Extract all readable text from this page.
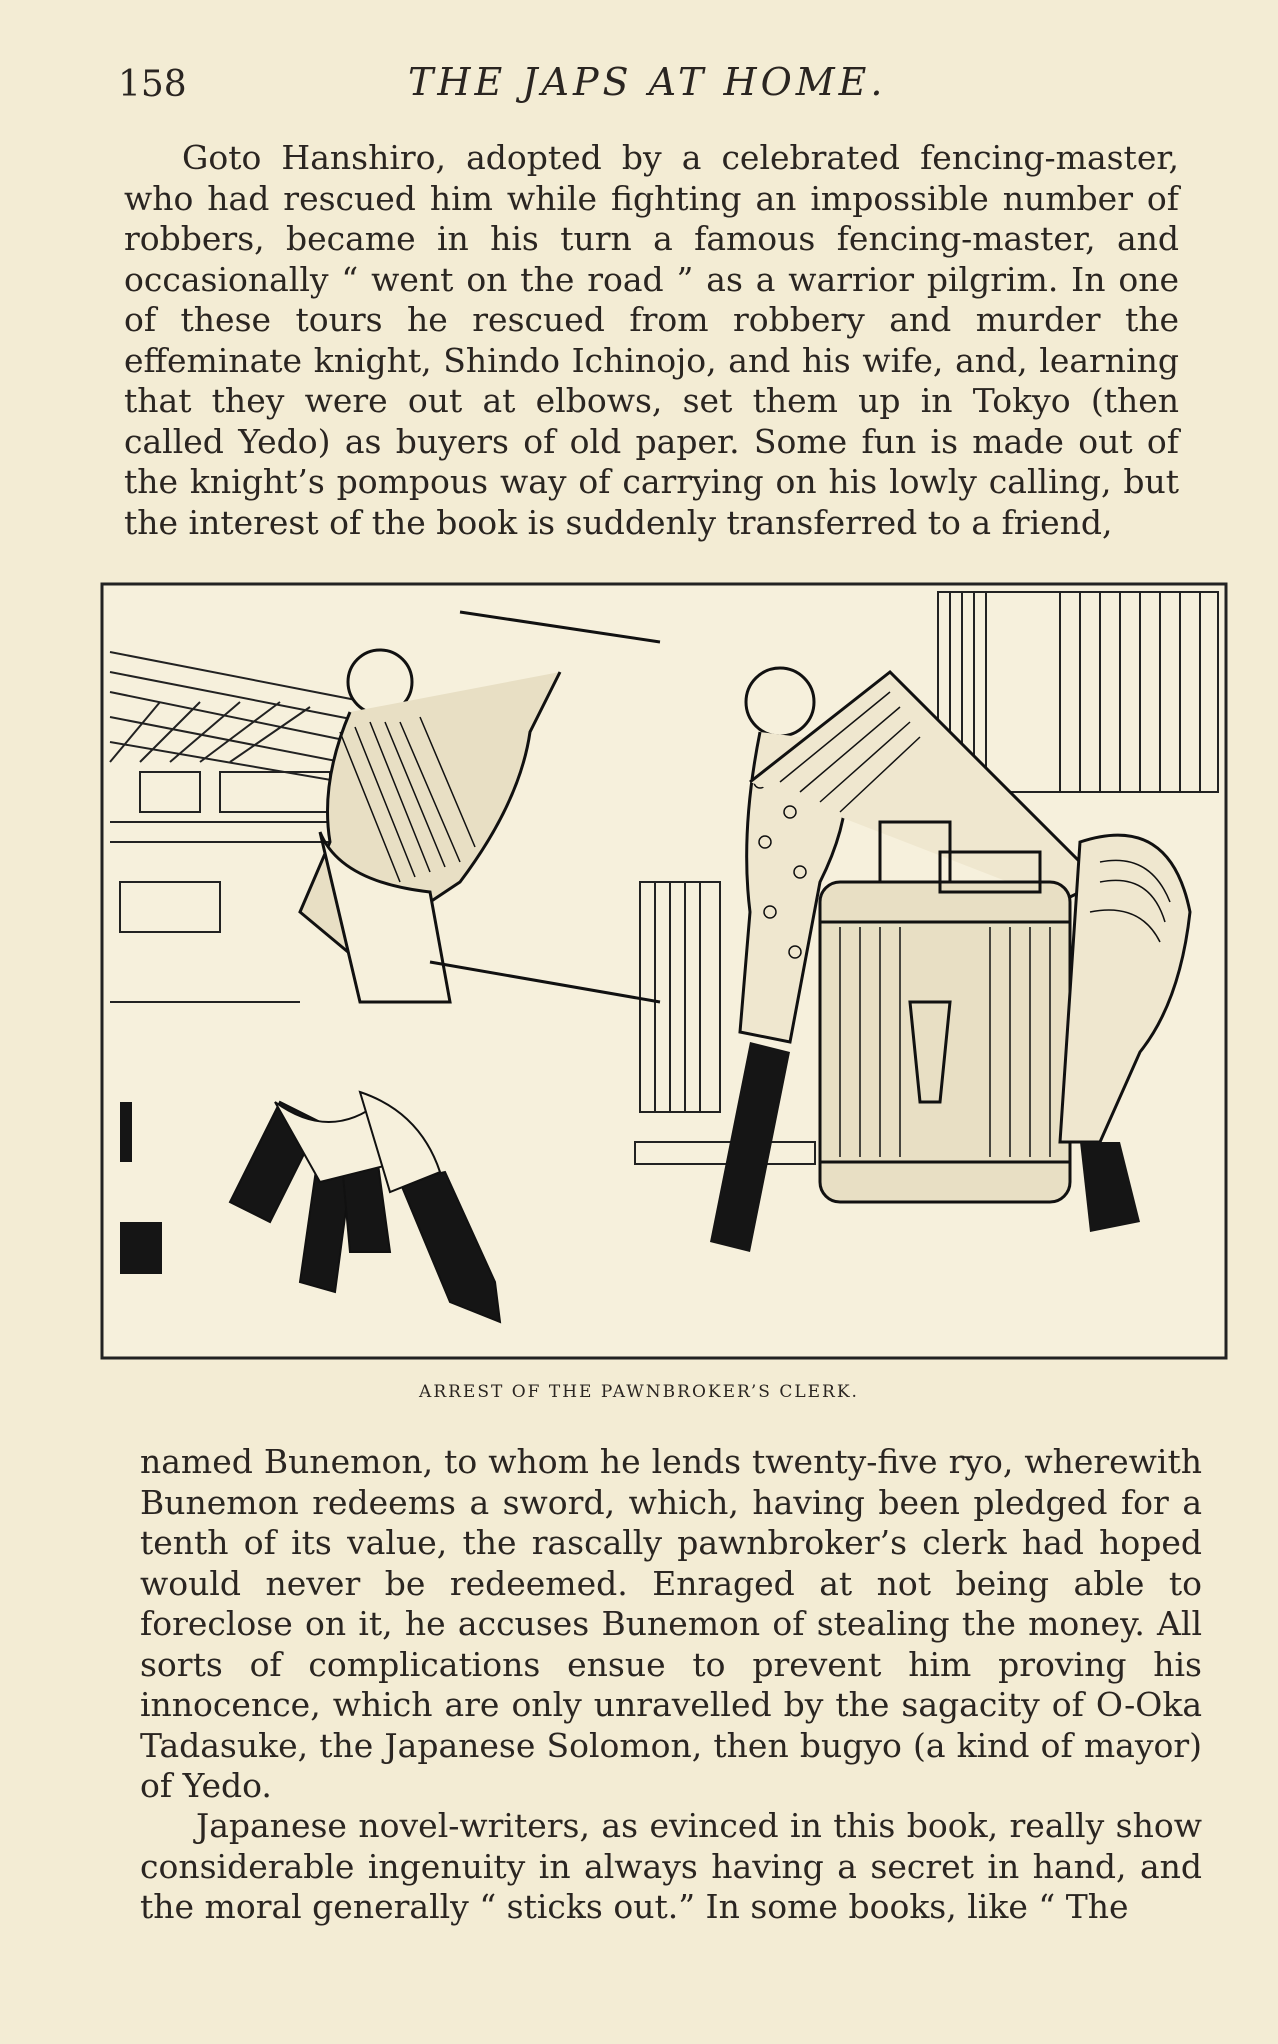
158	THE JAPS AT HOME.

Goto Hanshiro, adopted by a celebrated fencing-master, who had rescued him while fighting an impossible number of robbers, became in his turn a famous fencing-master, and occasionally “ went on the road ” as a warrior pilgrim. In one of these tours he rescued from robbery and murder the effeminate knight, Shindo Ichinojo, and his wife, and, learning that they were out at elbows, set them up in Tokyo (then called Yedo) as buyers of old paper. Some fun is made out of the knight’s pompous way of carrying on his lowly calling, but the interest of the book is suddenly transferred to a friend,

ARREST OF THE PAWNBROKER’S CLERK.

named Bunemon, to whom he lends twenty-five ryo, wherewith Bunemon redeems a sword, which, having been pledged for a tenth of its value, the rascally pawnbroker’s clerk had hoped would never be redeemed. Enraged at not being able to foreclose on it, he accuses Bunemon of stealing the money. All sorts of complications ensue to prevent him proving his innocence, which are only unravelled by the sagacity of O-Oka Tadasuke, the Japanese Solomon, then bugyo (a kind of mayor) of Yedo.

Japanese novel-writers, as evinced in this book, really show considerable ingenuity in always having a secret in hand, and the moral generally “ sticks out.” In some books, like “ The
